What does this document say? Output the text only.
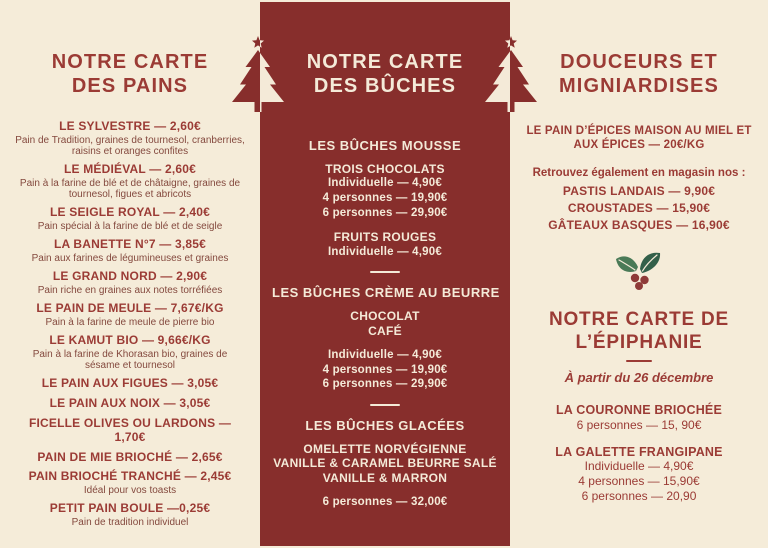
NOTRE CARTE
DES PAINS
LE SYLVESTRE — 2,60€
Pain de Tradition, graines de tournesol, cranberries, raisins et oranges confites
LE MÉDIÉVAL — 2,60€
Pain à la farine de blé et de châtaigne, graines de tournesol, figues et abricots
LE SEIGLE ROYAL — 2,40€
Pain spécial à la farine de blé et de seigle
LA BANETTE N°7 — 3,85€
Pain aux farines de légumineuses et graines
LE GRAND NORD — 2,90€
Pain riche en graines aux notes torréfiées
LE PAIN DE MEULE — 7,67€/KG
Pain à la farine de meule de pierre bio
LE KAMUT BIO — 9,66€/KG
Pain à la farine de Khorasan bio, graines de sésame et tournesol
LE PAIN AUX FIGUES — 3,05€
LE PAIN AUX NOIX — 3,05€
FICELLE OLIVES OU LARDONS — 1,70€
PAIN DE MIE BRIOCHÉ — 2,65€
PAIN BRIOCHÉ TRANCHÉ — 2,45€
Idéal pour vos toasts
PETIT PAIN BOULE —0,25€
Pain de tradition individuel
NOTRE CARTE
DES BÛCHES
LES BÛCHES MOUSSE
TROIS CHOCOLATS
Individuelle — 4,90€
4 personnes — 19,90€
6 personnes — 29,90€
FRUITS ROUGES
Individuelle — 4,90€
LES BÛCHES CRÈME AU BEURRE
CHOCOLAT
CAFÉ
Individuelle — 4,90€
4 personnes — 19,90€
6 personnes — 29,90€
LES BÛCHES GLACÉES
OMELETTE NORVÉGIENNE
VANILLE & CARAMEL BEURRE SALÉ
VANILLE & MARRON
6 personnes — 32,00€
DOUCEURS ET
MIGNIARDISES
LE PAIN D’ÉPICES MAISON AU MIEL ET
AUX ÉPICES — 20€/KG
Retrouvez également en magasin nos :
PASTIS LANDAIS — 9,90€
CROUSTADES — 15,90€
GÂTEAUX BASQUES — 16,90€
NOTRE CARTE DE
L’ÉPIPHANIE
À partir du 26 décembre
LA COURONNE BRIOCHÉE
6 personnes — 15, 90€
LA GALETTE FRANGIPANE
Individuelle — 4,90€
4 personnes — 15,90€
6 personnes — 20,90
